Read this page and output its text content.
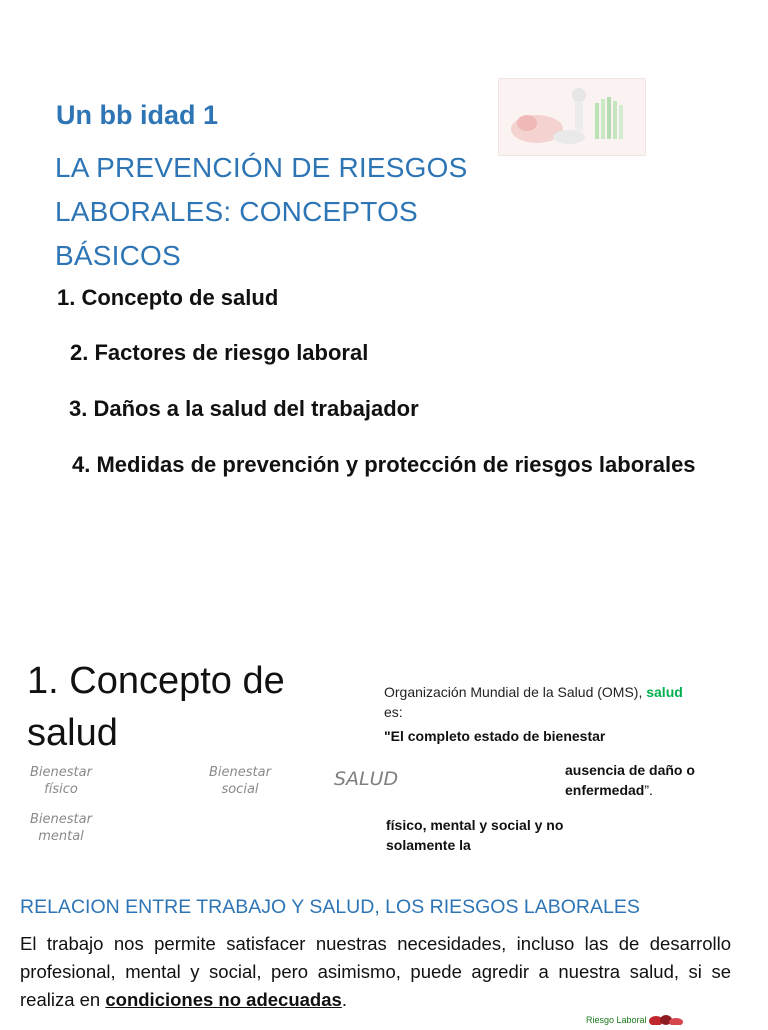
Un bb idad 1
LA PREVENCIÓN DE RIESGOS
LABORALES: CONCEPTOS
BÁSICOS
1. Concepto de salud
2. Factores de riesgo laboral
3. Daños a la salud del trabajador
4. Medidas de prevención y protección de riesgos laborales
1. Concepto de
salud
Bienestar físico
Bienestar social
Bienestar mental
SALUD
Organización Mundial de la Salud (OMS), salud
es:
"El completo estado de bienestar
ausencia de daño o enfermedad”.
físico, mental y social y no solamente la
RELACION ENTRE TRABAJO Y SALUD, LOS RIESGOS LABORALES
El trabajo nos permite satisfacer nuestras necesidades, incluso las de desarrollo profesional, mental y social, pero asimismo, puede agredir a nuestra salud, si se realiza en condiciones no adecuadas.
Riesgo Laboral
